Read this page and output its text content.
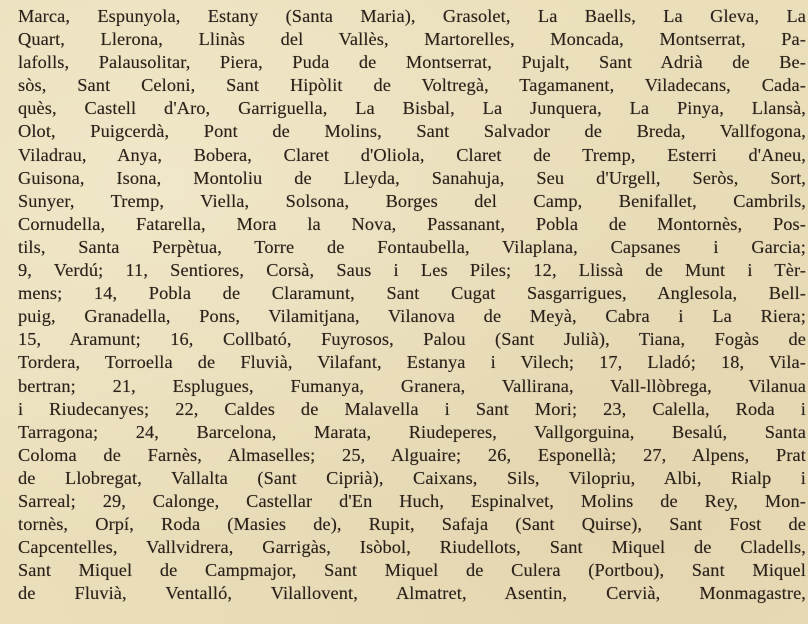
Marca, Espunyola, Estany (Santa Maria), Grasolet, La Baells, La Gleva, La
Quart, Llerona, Llinàs del Vallès, Martorelles, Moncada, Montserrat, Pa-
lafolls, Palausolitar, Piera, Puda de Montserrat, Pujalt, Sant Adrià de Be-
sòs, Sant Celoni, Sant Hipòlit de Voltregà, Tagamanent, Viladecans, Cada-
quès, Castell d'Aro, Garriguella, La Bisbal, La Junquera, La Pinya, Llansà,
Olot, Puigcerdà, Pont de Molins, Sant Salvador de Breda, Vallfogona,
Viladrau, Anya, Bobera, Claret d'Oliola, Claret de Tremp, Esterri d'Aneu,
Guisona, Isona, Montoliu de Lleyda, Sanahuja, Seu d'Urgell, Seròs, Sort,
Sunyer, Tremp, Viella, Solsona, Borges del Camp, Benifallet, Cambrils,
Cornudella, Fatarella, Mora la Nova, Passanant, Pobla de Montornès, Pos-
tils, Santa Perpètua, Torre de Fontaubella, Vilaplana, Capsanes i Garcia;
9, Verdú; 11, Sentiores, Corsà, Saus i Les Piles; 12, Llissà de Munt i Tèr-
mens; 14, Pobla de Claramunt, Sant Cugat Sasgarrigues, Anglesola, Bell-
puig, Granadella, Pons, Vilamitjana, Vilanova de Meyà, Cabra i La Riera;
15, Aramunt; 16, Collbató, Fuyrosos, Palou (Sant Julià), Tiana, Fogàs de
Tordera, Torroella de Fluvià, Vilafant, Estanya i Vilech; 17, Lladó; 18, Vila-
bertran; 21, Esplugues, Fumanya, Granera, Vallirana, Vall-llòbrega, Vilanua
i Riudecanyes; 22, Caldes de Malavella i Sant Mori; 23, Calella, Roda i
Tarragona; 24, Barcelona, Marata, Riudeperes, Vallgorguina, Besalú, Santa
Coloma de Farnès, Almaselles; 25, Alguaire; 26, Esponellà; 27, Alpens, Prat
de Llobregat, Vallalta (Sant Ciprià), Caixans, Sils, Vilopriu, Albi, Rialp i
Sarreal; 29, Calonge, Castellar d'En Huch, Espinalvet, Molins de Rey, Mon-
tornès, Orpí, Roda (Masies de), Rupit, Safaja (Sant Quirse), Sant Fost de
Capcentelles, Vallvidrera, Garrigàs, Isòbol, Riudellots, Sant Miquel de Cladells,
Sant Miquel de Campmajor, Sant Miquel de Culera (Portbou), Sant Miquel
de Fluvià, Ventalló, Vilallovent, Almatret, Asentin, Cervià, Monmagastre,
